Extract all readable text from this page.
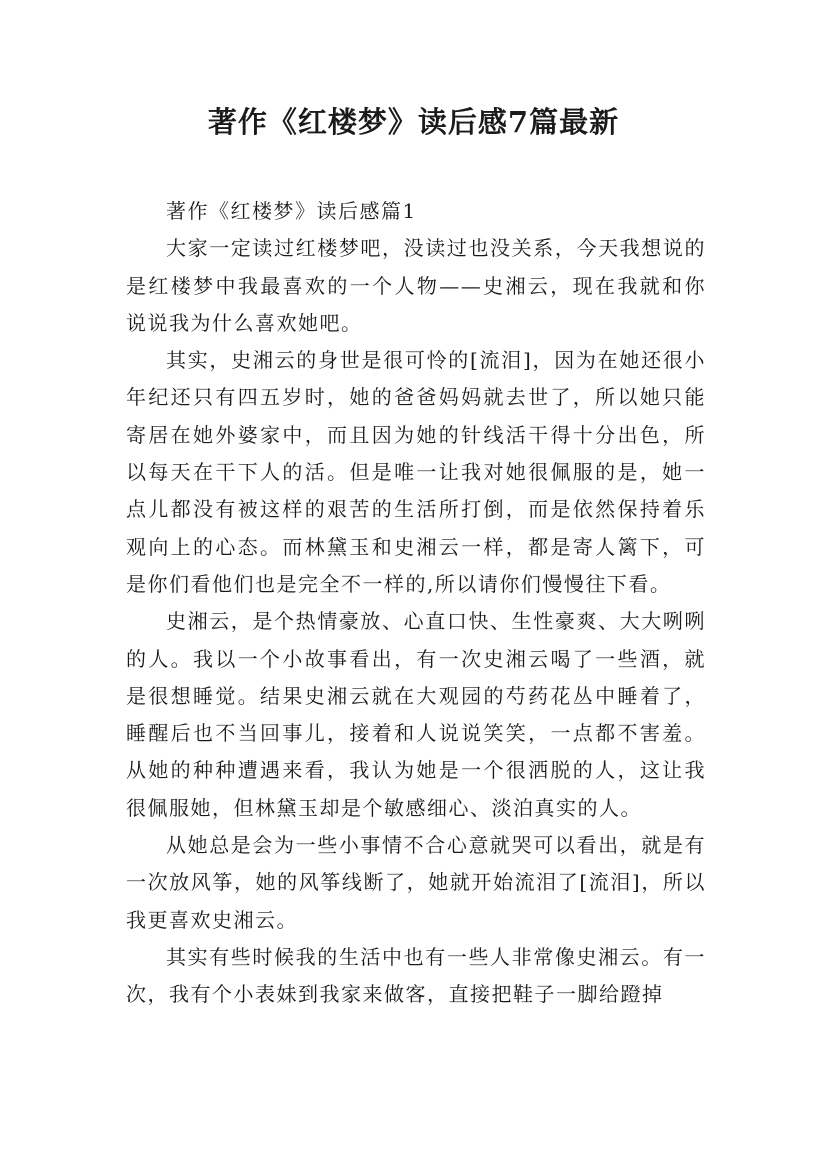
著作《红楼梦》读后感7篇最新
著作《红楼梦》读后感篇1

大家一定读过红楼梦吧，没读过也没关系，今天我想说的是红楼梦中我最喜欢的一个人物——史湘云，现在我就和你说说我为什么喜欢她吧。

其实，史湘云的身世是很可怜的[流泪]，因为在她还很小年纪还只有四五岁时，她的爸爸妈妈就去世了，所以她只能寄居在她外婆家中，而且因为她的针线活干得十分出色，所以每天在干下人的活。但是唯一让我对她很佩服的是，她一点儿都没有被这样的艰苦的生活所打倒，而是依然保持着乐观向上的心态。而林黛玉和史湘云一样，都是寄人篱下，可是你们看他们也是完全不一样的,所以请你们慢慢往下看。

史湘云，是个热情豪放、心直口快、生性豪爽、大大咧咧的人。我以一个小故事看出，有一次史湘云喝了一些酒，就是很想睡觉。结果史湘云就在大观园的芍药花丛中睡着了，睡醒后也不当回事儿，接着和人说说笑笑，一点都不害羞。从她的种种遭遇来看，我认为她是一个很洒脱的人，这让我很佩服她，但林黛玉却是个敏感细心、淡泊真实的人。

从她总是会为一些小事情不合心意就哭可以看出，就是有一次放风筝，她的风筝线断了，她就开始流泪了[流泪]，所以我更喜欢史湘云。

其实有些时候我的生活中也有一些人非常像史湘云。有一次，我有个小表妹到我家来做客，直接把鞋子一脚给蹬掉
